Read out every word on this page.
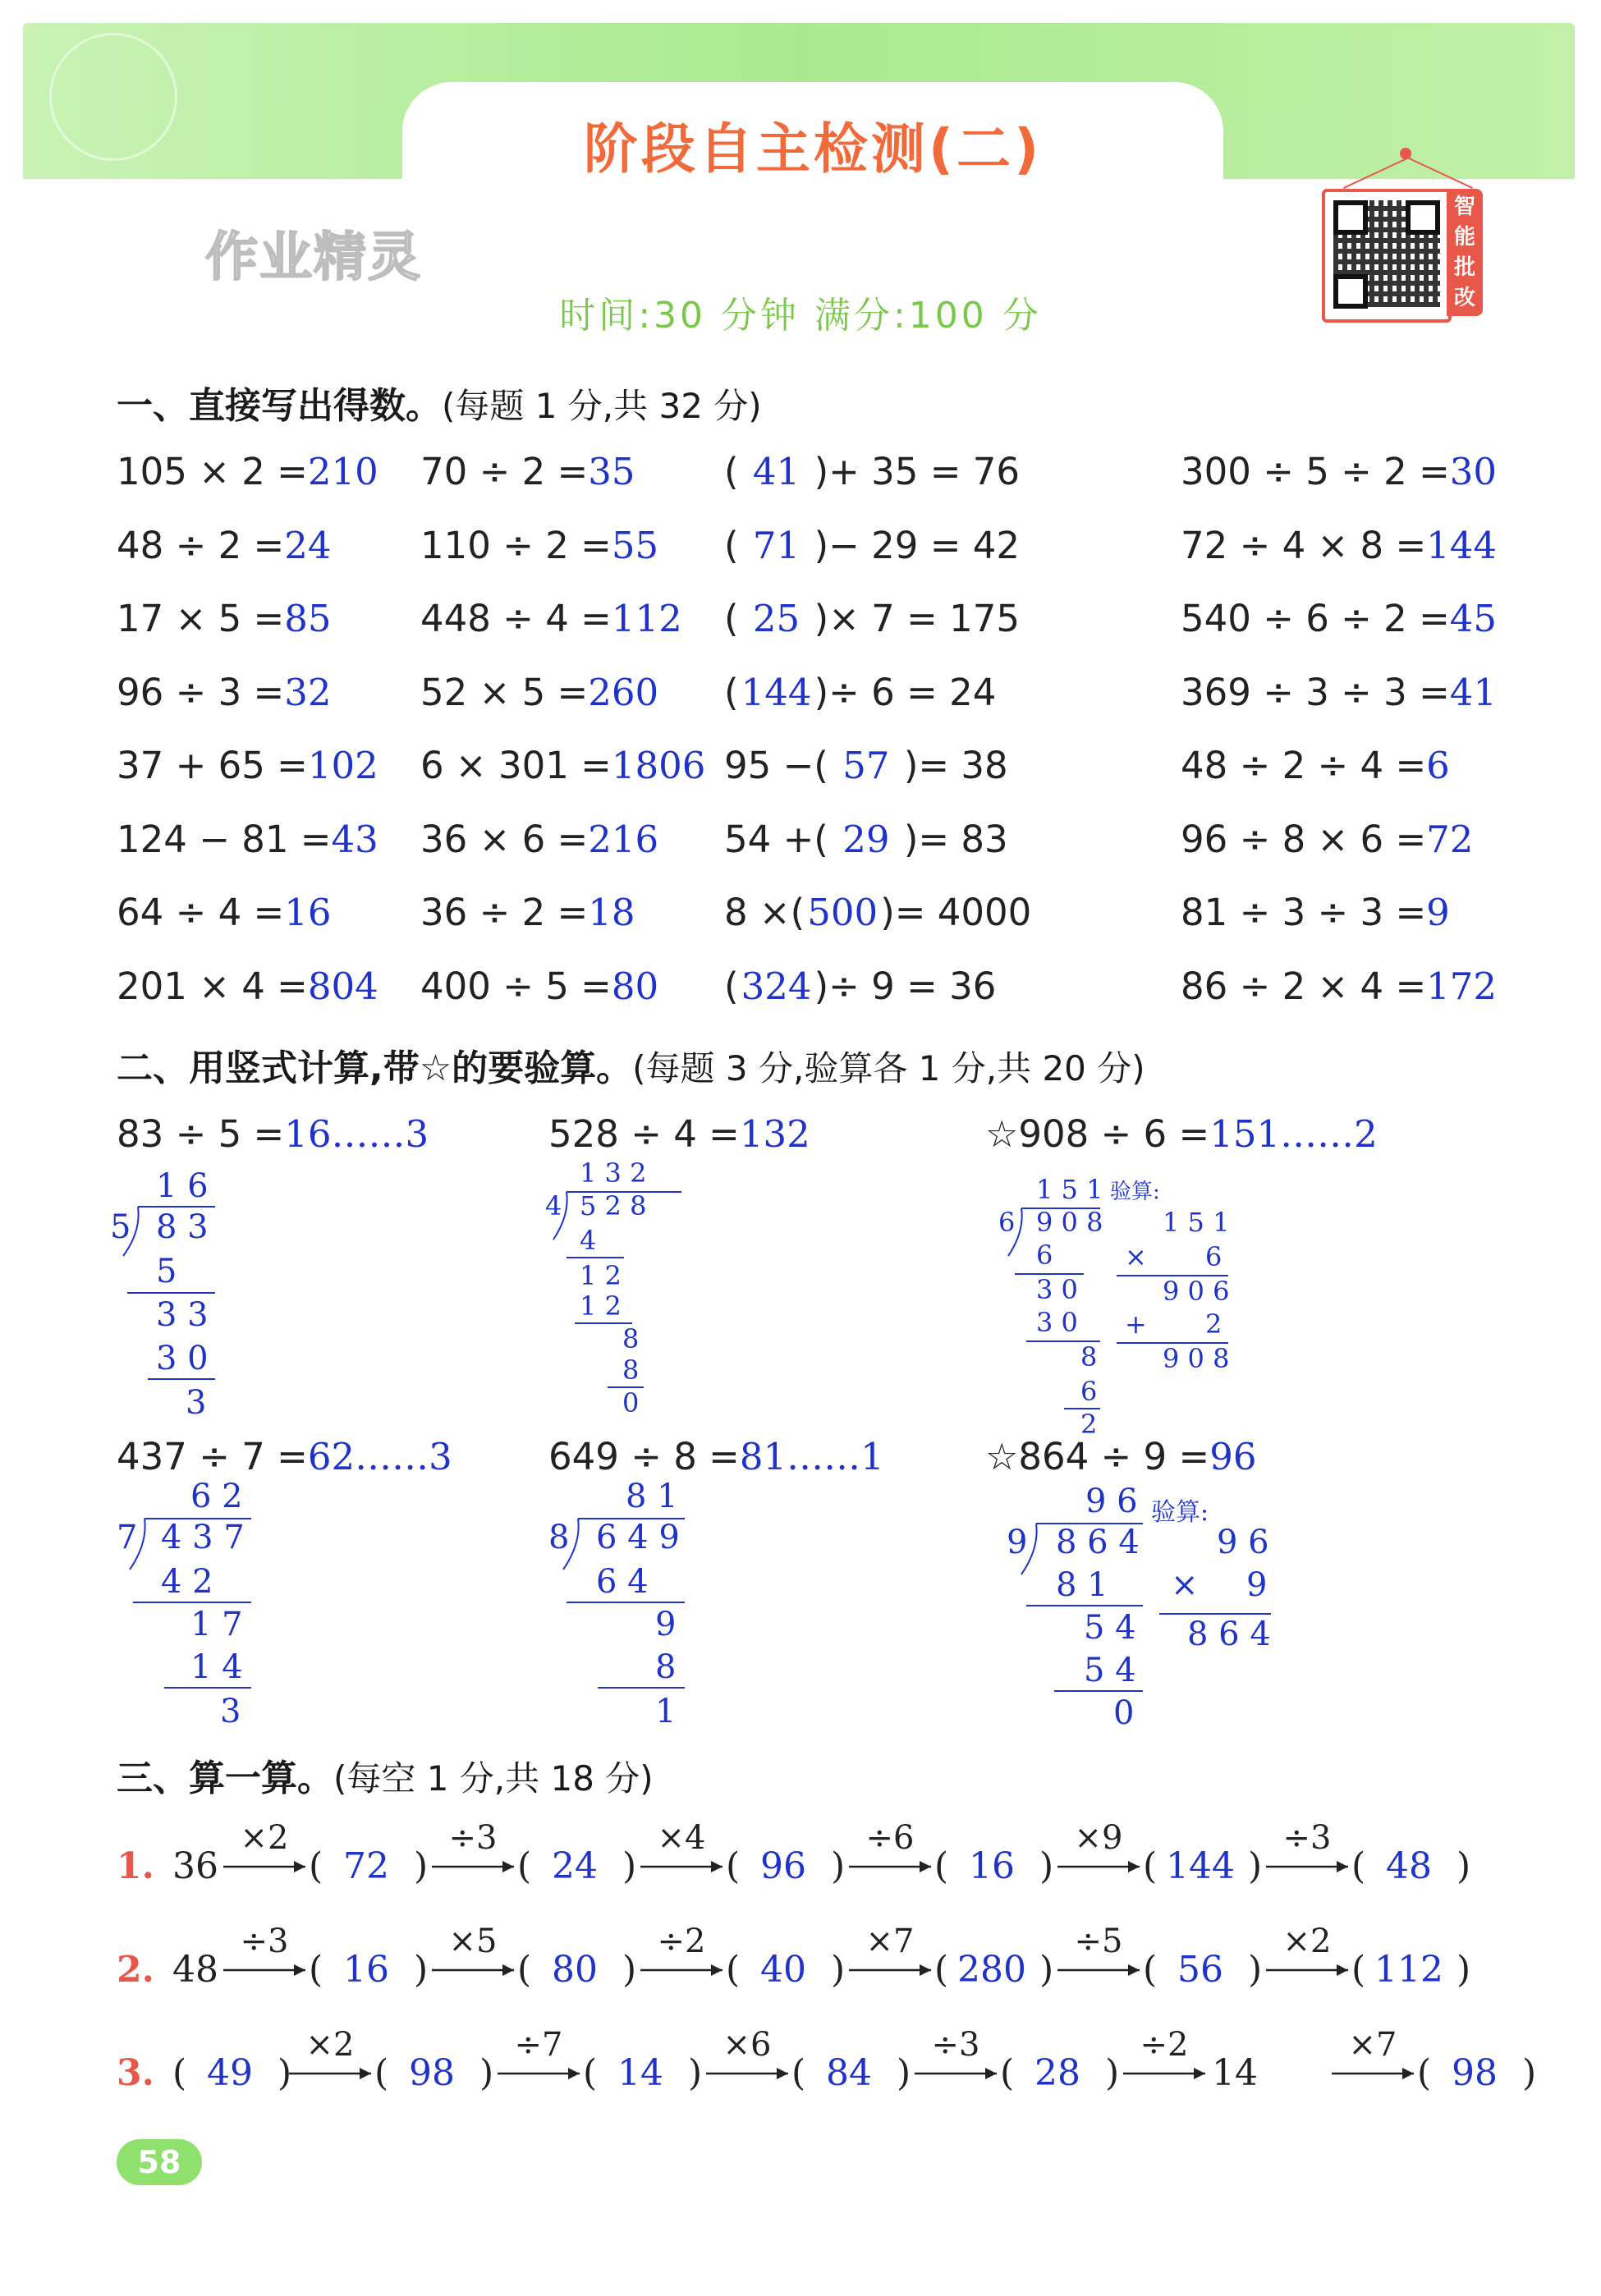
阶段自主检测(二)
作业精灵
时间:30 分钟 满分:100 分
智
能
批
改
一、直接写出得数。(每题 1 分,共 32 分)
105 × 2 =210 70 ÷ 2 =35 ( 41 )+ 35 = 76	300 ÷ 5 ÷ 2 =30
48 ÷ 2 =24 110 ÷ 2 =55 ( 71 )− 29 = 42	72 ÷ 4 × 8 =144
17 × 5 =85 448 ÷ 4 =112 ( 25 )× 7 = 175	540 ÷ 6 ÷ 2 =45
96 ÷ 3 =32 52 × 5 =260 (144)÷ 6 = 24	369 ÷ 3 ÷ 3 =41
37 + 65 =102 6 × 301 =1806 95 −( 57 )= 38	48 ÷ 2 ÷ 4 =6
124 − 81 =43 36 × 6 =216 54 +( 29 )= 83	96 ÷ 8 × 6 =72
64 ÷ 4 =16 36 ÷ 2 =18 8 ×(500)= 4000	81 ÷ 3 ÷ 3 =9
201 × 4 =804 400 ÷ 5 =80 (324)÷ 9 = 36	86 ÷ 2 × 4 =172
二、用竖式计算,带☆的要验算。(每题 3 分,验算各 1 分,共 20 分)
83 ÷ 5 =16……3	528 ÷ 4 =132	☆908 ÷ 6 =151……2
437 ÷ 7 =62……3	649 ÷ 8 =81……1	☆864 ÷ 9 =96
1 6
5 8 3
5
3 3
3 0
3
1 3 2
4 5 2 8
4
1 2
1 2
8
8
0
1 5 1 验算:
6 9 0 8
6
3 0
3 0
8
6
2
1 5 1
× 6
9 0 6
+ 2
9 0 8
6 2
7 4 3 7
4 2
1 7
1 4
3
8 1
8 6 4 9
6 4
9
8
1
9 6 验算:
9 8 6 4
8 1
5 4
5 4
0
9 6
× 9
8 6 4
三、算一算。(每空 1 分,共 18 分)
1. 36
×2
( 72 )
÷3
( 24 )
×4
( 96 )
÷6
( 16 )
×9
( 144 )
÷3
( 48 )
2. 48
÷3
( 16 )
×5
( 80 )
÷2
( 40 )
×7
( 280 )
÷5
( 56 )
×2
( 112 )
3. ( 49 )
×2
( 98 )
÷7
( 14 )
×6
( 84 )
÷3
( 28 )
÷2
14
×7
( 98 )
58
